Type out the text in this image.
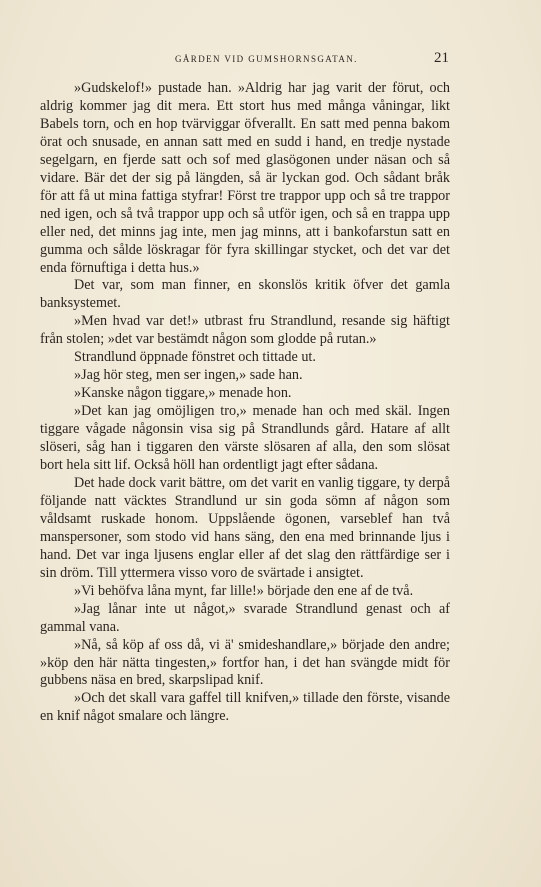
GÅRDEN VID GUMSHORNSGATAN.	21

»Gudskelof!» pustade han. »Aldrig har jag varit der förut, och aldrig kommer jag dit mera. Ett stort hus med många våningar, likt Babels torn, och en hop tvärviggar öfverallt. En satt med penna bakom örat och snusade, en annan satt med en sudd i hand, en tredje nystade segelgarn, en fjerde satt och sof med glasögonen under näsan och så vidare. Bär det der sig på längden, så är lyckan god. Och sådant bråk för att få ut mina fattiga styfrar! Först tre trappor upp och så tre trappor ned igen, och så två trappor upp och så utför igen, och så en trappa upp eller ned, det minns jag inte, men jag minns, att i bankofarstun satt en gumma och sålde löskragar för fyra skillingar stycket, och det var det enda förnuftiga i detta hus.»

Det var, som man finner, en skonslös kritik öfver det gamla banksystemet.

»Men hvad var det!» utbrast fru Strandlund, resande sig häftigt från stolen; »det var bestämdt någon som glodde på rutan.»

Strandlund öppnade fönstret och tittade ut.

»Jag hör steg, men ser ingen,» sade han.

»Kanske någon tiggare,» menade hon.

»Det kan jag omöjligen tro,» menade han och med skäl. Ingen tiggare vågade någonsin visa sig på Strandlunds gård. Hatare af allt slöseri, såg han i tiggaren den värste slösaren af alla, den som slösat bort hela sitt lif. Också höll han ordentligt jagt efter sådana.

Det hade dock varit bättre, om det varit en vanlig tiggare, ty derpå följande natt väcktes Strandlund ur sin goda sömn af någon som våldsamt ruskade honom. Uppslående ögonen, varseblef han två manspersoner, som stodo vid hans säng, den ena med brinnande ljus i hand. Det var inga ljusens englar eller af det slag den rättfärdige ser i sin dröm. Till yttermera visso voro de svärtade i ansigtet.

»Vi behöfva låna mynt, far lille!» började den ene af de två.

»Jag lånar inte ut något,» svarade Strandlund genast och af gammal vana.

»Nå, så köp af oss då, vi ä' smideshandlare,» började den andre; »köp den här nätta tingesten,» fortfor han, i det han svängde midt för gubbens näsa en bred, skarpslipad knif.

»Och det skall vara gaffel till knifven,» tillade den förste, visande en knif något smalare och längre.
